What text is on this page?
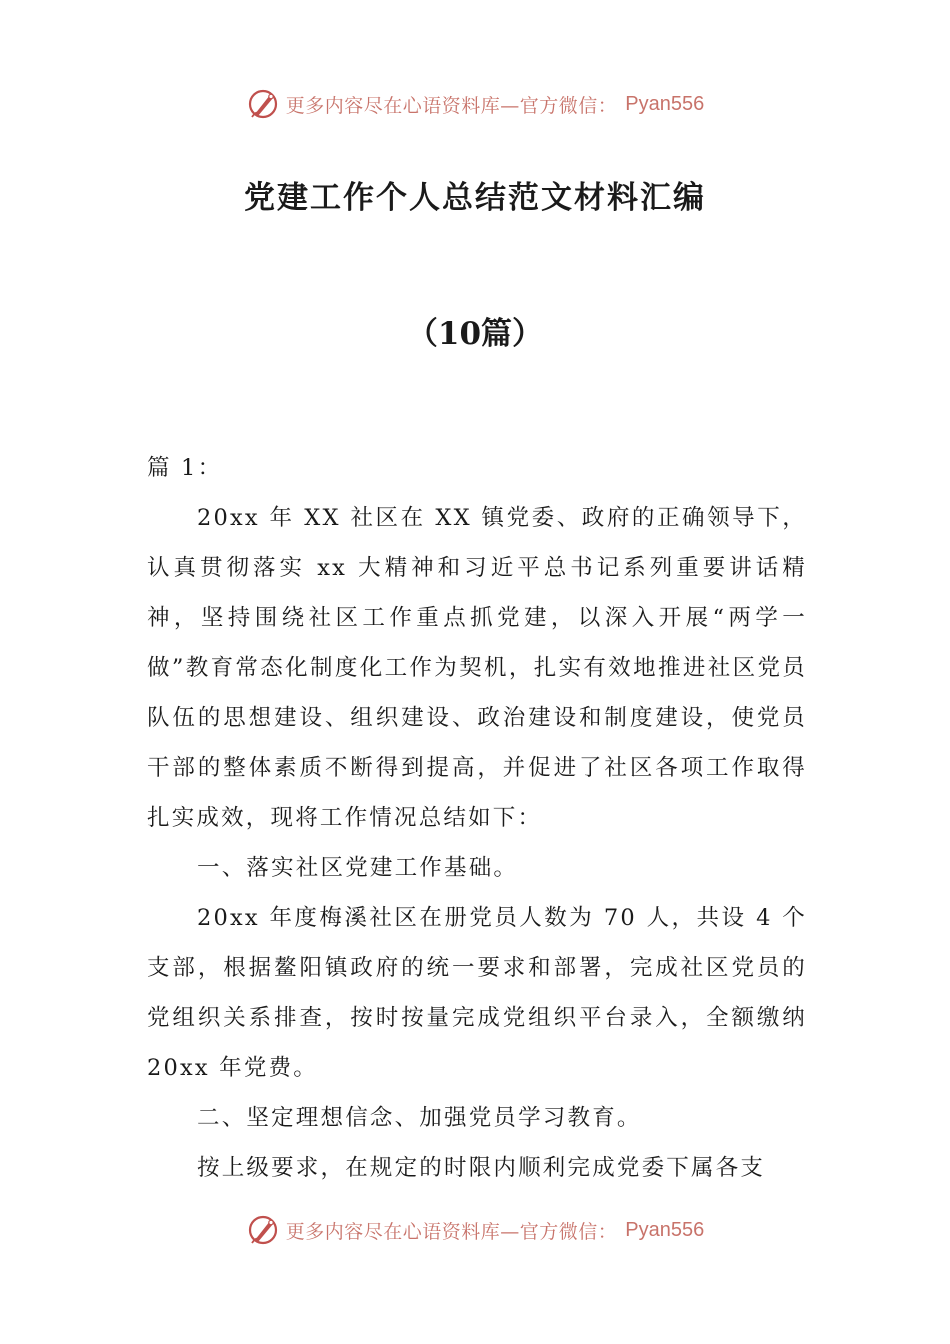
更多内容尽在心语资料库—官方微信： Pyan556
党建工作个人总结范文材料汇编
（10篇）

篇 1：

20xx 年 XX 社区在 XX 镇党委、政府的正确领导下，认真贯彻落实 xx 大精神和习近平总书记系列重要讲话精神，坚持围绕社区工作重点抓党建，以深入开展“两学一做”教育常态化制度化工作为契机，扎实有效地推进社区党员队伍的思想建设、组织建设、政治建设和制度建设，使党员干部的整体素质不断得到提高，并促进了社区各项工作取得扎实成效，现将工作情况总结如下：

一、落实社区党建工作基础。

20xx 年度梅溪社区在册党员人数为 70 人，共设 4 个支部，根据鳌阳镇政府的统一要求和部署，完成社区党员的党组织关系排查，按时按量完成党组织平台录入，全额缴纳 20xx 年党费。

二、坚定理想信念、加强党员学习教育。

按上级要求，在规定的时限内顺利完成党委下属各支

更多内容尽在心语资料库—官方微信： Pyan556
